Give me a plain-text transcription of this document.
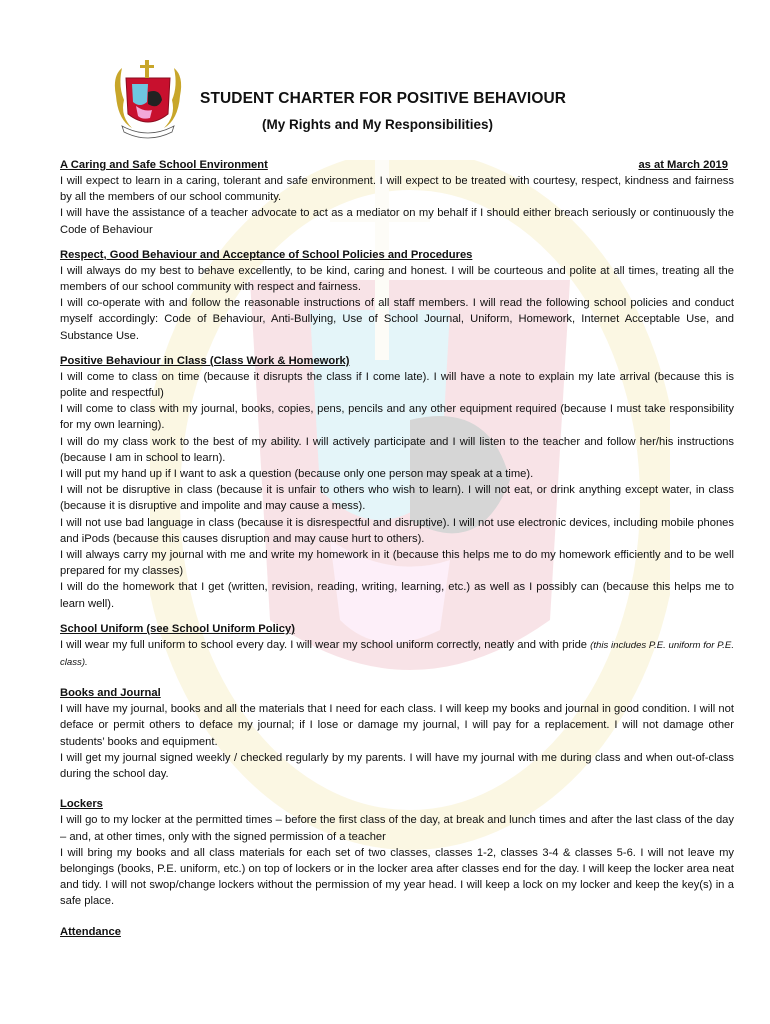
STUDENT CHARTER FOR POSITIVE BEHAVIOUR
(My Rights and My Responsibilities)
A Caring and Safe School Environment	as at March 2019

I will expect to learn in a caring, tolerant and safe environment. I will expect to be treated with courtesy, respect, kindness and fairness by all the members of our school community.

I will have the assistance of a teacher advocate to act as a mediator on my behalf if I should either breach seriously or continuously the Code of Behaviour

Respect, Good Behaviour and Acceptance of School Policies and Procedures

I will always do my best to behave excellently, to be kind, caring and honest. I will be courteous and polite at all times, treating all the members of our school community with respect and fairness.

I will co-operate with and follow the reasonable instructions of all staff members. I will read the following school policies and conduct myself accordingly: Code of Behaviour, Anti-Bullying, Use of School Journal, Uniform, Homework, Internet Acceptable Use, and Substance Use.

Positive Behaviour in Class (Class Work & Homework)

I will come to class on time (because it disrupts the class if I come late). I will have a note to explain my late arrival (because this is polite and respectful)

I will come to class with my journal, books, copies, pens, pencils and any other equipment required (because I must take responsibility for my own learning).

I will do my class work to the best of my ability. I will actively participate and I will listen to the teacher and follow her/his instructions (because I am in school to learn).

I will put my hand up if I want to ask a question (because only one person may speak at a time).

I will not be disruptive in class (because it is unfair to others who wish to learn). I will not eat, or drink anything except water, in class (because it is disruptive and impolite and may cause a mess).

I will not use bad language in class (because it is disrespectful and disruptive). I will not use electronic devices, including mobile phones and iPods (because this causes disruption and may cause hurt to others).

I will always carry my journal with me and write my homework in it (because this helps me to do my homework efficiently and to be well prepared for my classes)

I will do the homework that I get (written, revision, reading, writing, learning, etc.) as well as I possibly can (because this helps me to learn well).

School Uniform (see School Uniform Policy)

I will wear my full uniform to school every day. I will wear my school uniform correctly, neatly and with pride (this includes P.E. uniform for P.E. class).

Books and Journal

I will have my journal, books and all the materials that I need for each class. I will keep my books and journal in good condition. I will not deface or permit others to deface my journal; if I lose or damage my journal, I will pay for a replacement. I will not damage other students’ books and equipment.

I will get my journal signed weekly / checked regularly by my parents. I will have my journal with me during class and when out-of-class during the school day.

Lockers

I will go to my locker at the permitted times – before the first class of the day, at break and lunch times and after the last class of the day – and, at other times, only with the signed permission of a teacher

I will bring my books and all class materials for each set of two classes, classes 1-2, classes 3-4 & classes 5-6. I will not leave my belongings (books, P.E. uniform, etc.) on top of lockers or in the locker area after classes end for the day. I will keep the locker area neat and tidy. I will not swop/change lockers without the permission of my year head. I will keep a lock on my locker and keep the key(s) in a safe place.

Attendance
